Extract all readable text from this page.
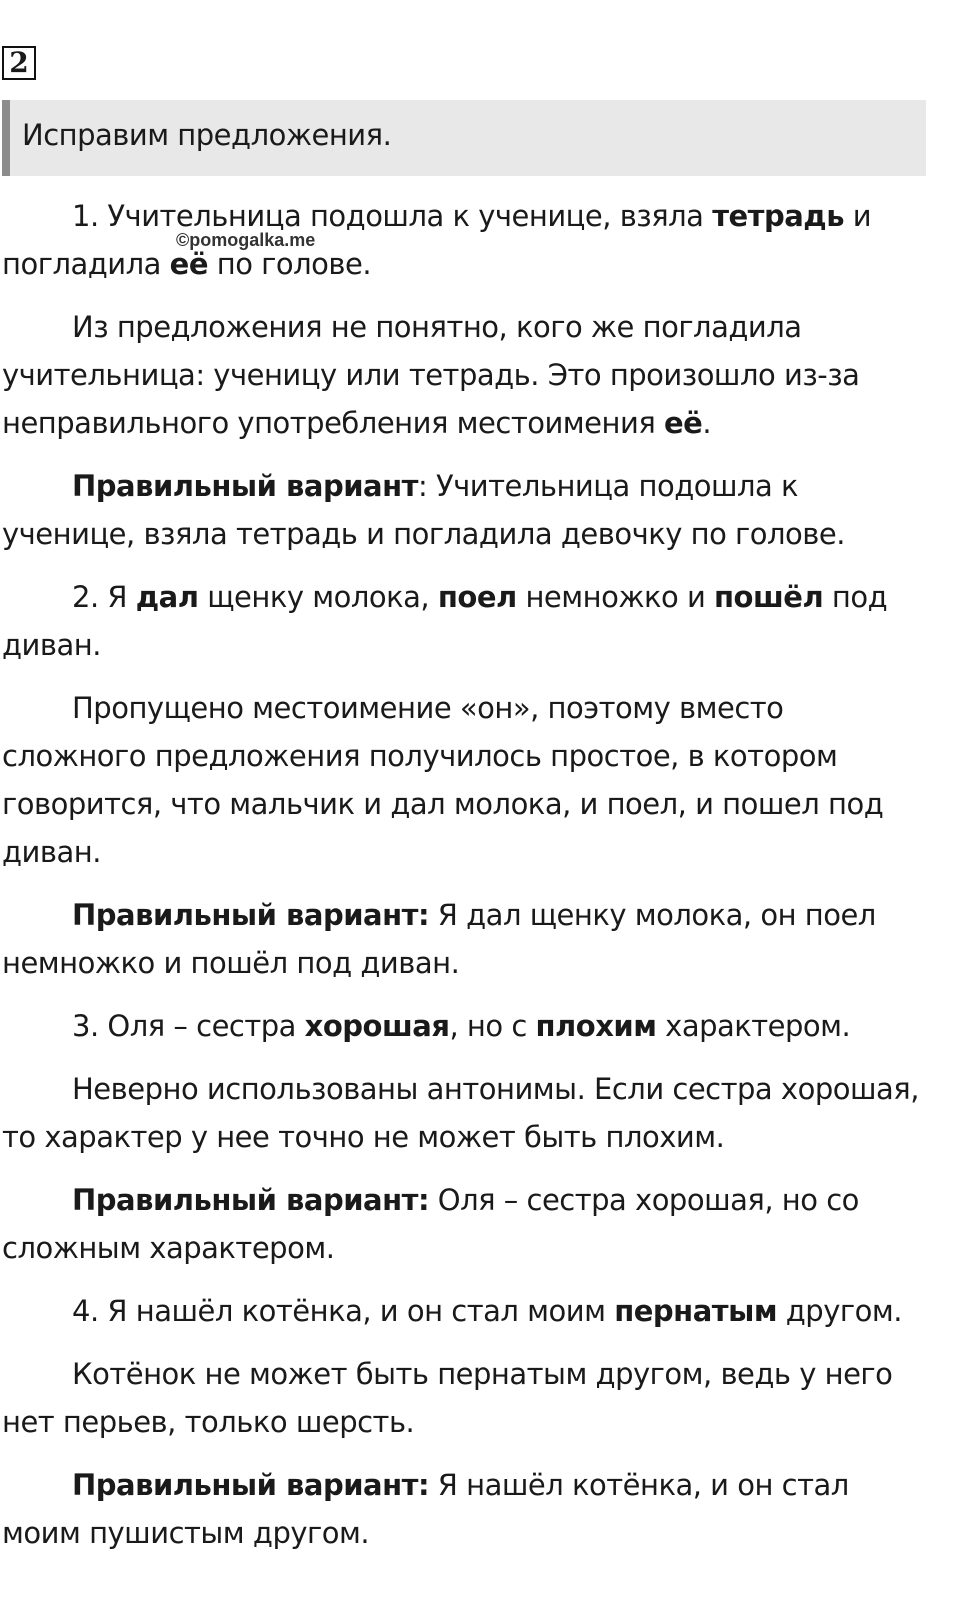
2
Исправим предложения.
©pomogalka.me

1. Учительница подошла к ученице, взяла тетрадь и погладила её по голове.

Из предложения не понятно, кого же погладила учительница: ученицу или тетрадь. Это произошло из-за неправильного употребления местоимения её.

Правильный вариант: Учительница подошла к ученице, взяла тетрадь и погладила девочку по голове.

2. Я дал щенку молока, поел немножко и пошёл под диван.

Пропущено местоимение «он», поэтому вместо сложного предложения получилось простое, в котором говорится, что мальчик и дал молока, и поел, и пошел под диван.

Правильный вариант: Я дал щенку молока, он поел немножко и пошёл под диван.

3. Оля – сестра хорошая, но с плохим характером.

Неверно использованы антонимы. Если сестра хорошая, то характер у нее точно не может быть плохим.

Правильный вариант: Оля – сестра хорошая, но со сложным характером.

4. Я нашёл котёнка, и он стал моим пернатым другом.

Котёнок не может быть пернатым другом, ведь у него нет перьев, только шерсть.

Правильный вариант: Я нашёл котёнка, и он стал моим пушистым другом.
